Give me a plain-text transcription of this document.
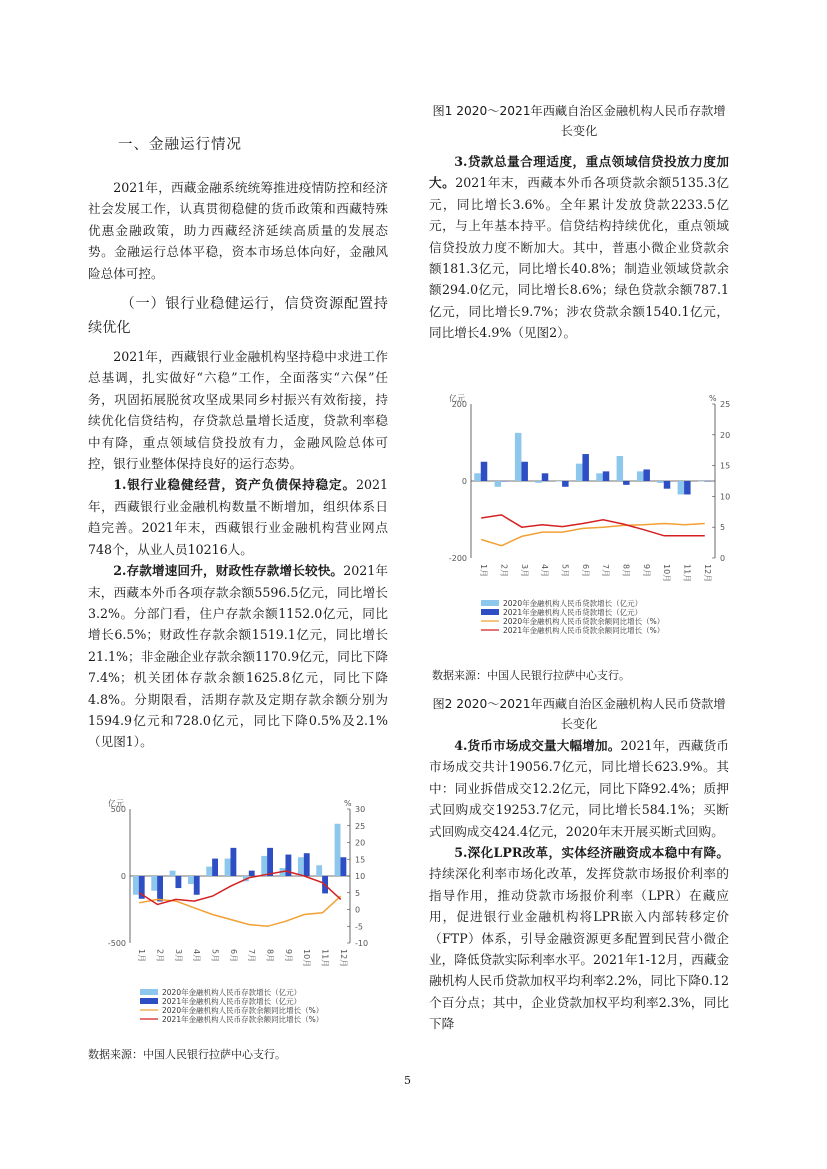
一、金融运行情况

2021年，西藏金融系统统筹推进疫情防控和经济社会发展工作，认真贯彻稳健的货币政策和西藏特殊优惠金融政策，助力西藏经济延续高质量的发展态势。金融运行总体平稳，资本市场总体向好，金融风险总体可控。

（一）银行业稳健运行，信贷资源配置持续优化

2021年，西藏银行业金融机构坚持稳中求进工作总基调，扎实做好“六稳”工作，全面落实“六保”任务，巩固拓展脱贫攻坚成果同乡村振兴有效衔接，持续优化信贷结构，存贷款总量增长适度，贷款利率稳中有降，重点领域信贷投放有力，金融风险总体可控，银行业整体保持良好的运行态势。

1.银行业稳健经营，资产负债保持稳定。2021年，西藏银行业金融机构数量不断增加，组织体系日趋完善。2021年末，西藏银行业金融机构营业网点748个，从业人员10216人。

2.存款增速回升，财政性存款增长较快。2021年末，西藏本外币各项存款余额5596.5亿元，同比增长3.2%。分部门看，住户存款余额1152.0亿元，同比增长6.5%；财政性存款余额1519.1亿元，同比增长21.1%；非金融企业存款余额1170.9亿元，同比下降7.4%；机关团体存款余额1625.8亿元，同比下降4.8%。分期限看，活期存款及定期存款余额分别为1594.9亿元和728.0亿元，同比下降0.5%及2.1%（见图1）。

亿元	%
500
0
-500
30
25
20
15
10
5
0
-5
-10
1月 2月 3月 4月 5月 6月 7月 8月 9月 10月 11月 12月
2020年金融机构人民币存款增长（亿元）
2021年金融机构人民币存款增长（亿元）
2020年金融机构人民币存款余额同比增长（%）
2021年金融机构人民币存款余额同比增长（%）
数据来源：中国人民银行拉萨中心支行。

图1 2020～2021年西藏自治区金融机构人民币存款增长变化

3.贷款总量合理适度，重点领域信贷投放力度加大。2021年末，西藏本外币各项贷款余额5135.3亿元，同比增长3.6%。全年累计发放贷款2233.5亿元，与上年基本持平。信贷结构持续优化，重点领域信贷投放力度不断加大。其中，普惠小微企业贷款余额181.3亿元，同比增长40.8%；制造业领域贷款余额294.0亿元，同比增长8.6%；绿色贷款余额787.1亿元，同比增长9.7%；涉农贷款余额1540.1亿元，同比增长4.9%（见图2）。

亿元	%
200
0
-200
25
20
15
10
5
0
1月 2月 3月 4月 5月 6月 7月 8月 9月 10月 11月 12月
2020年金融机构人民币贷款增长（亿元）
2021年金融机构人民币贷款增长（亿元）
2020年金融机构人民币贷款余额同比增长（%）
2021年金融机构人民币贷款余额同比增长（%）
数据来源：中国人民银行拉萨中心支行。

图2 2020～2021年西藏自治区金融机构人民币贷款增长变化

4.货币市场成交量大幅增加。2021年，西藏货币市场成交共计19056.7亿元，同比增长623.9%。其中：同业拆借成交12.2亿元，同比下降92.4%；质押式回购成交19253.7亿元，同比增长584.1%；买断式回购成交424.4亿元，2020年末开展买断式回购。

5.深化LPR改革，实体经济融资成本稳中有降。持续深化利率市场化改革，发挥贷款市场报价利率的指导作用，推动贷款市场报价利率（LPR）在藏应用，促进银行业金融机构将LPR嵌入内部转移定价（FTP）体系，引导金融资源更多配置到民营小微企业，降低贷款实际利率水平。2021年1-12月，西藏金融机构人民币贷款加权平均利率2.2%，同比下降0.12个百分点；其中，企业贷款加权平均利率2.3%，同比下降

5
